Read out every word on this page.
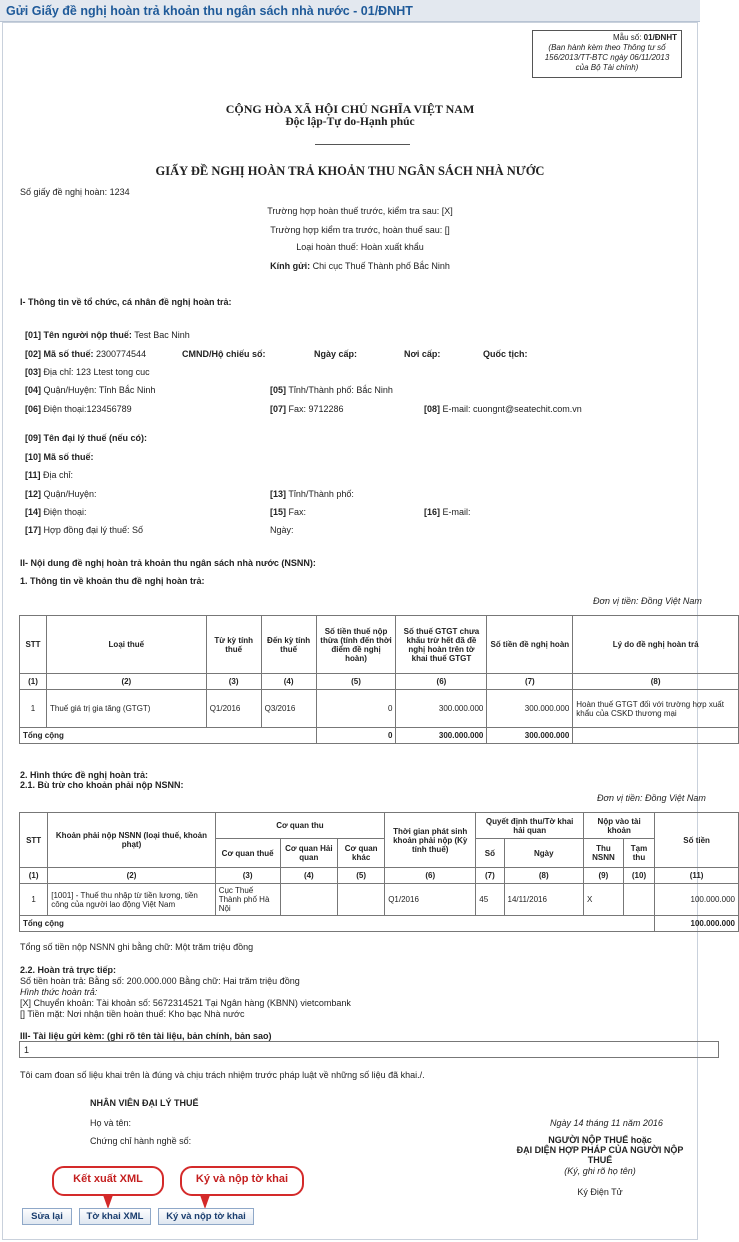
Gửi Giấy đề nghị hoàn trả khoản thu ngân sách nhà nước - 01/ĐNHT
Mẫu số: 01/ĐNHT
(Ban hành kèm theo Thông tư số
156/2013/TT-BTC ngày 06/11/2013
của Bộ Tài chính)
CỘNG HÒA XÃ HỘI CHỦ NGHĨA VIỆT NAM
Độc lập-Tự do-Hạnh phúc
GIẤY ĐỀ NGHỊ HOÀN TRẢ KHOẢN THU NGÂN SÁCH NHÀ NƯỚC
Số giấy đề nghị hoàn: 1234
Trường hợp hoàn thuế trước, kiểm tra sau: [X]
Trường hợp kiểm tra trước, hoàn thuế sau: []
Loại hoàn thuế: Hoàn xuất khẩu
Kính gửi: Chi cục Thuế Thành phố Bắc Ninh
I- Thông tin về tổ chức, cá nhân đề nghị hoàn trả:
[01] Tên người nộp thuế: Test Bac Ninh
[02] Mã số thuế: 2300774544	CMND/Hộ chiếu số:	Ngày cấp:	Nơi cấp:	Quốc tịch:
[03] Địa chỉ: 123 Ltest tong cuc
[04] Quận/Huyện: Tỉnh Bắc Ninh	[05] Tỉnh/Thành phố: Bắc Ninh
[06] Điện thoại:123456789	[07] Fax: 9712286	[08] E-mail: cuongnt@seatechit.com.vn
[09] Tên đại lý thuế (nếu có):
[10] Mã số thuế:
[11] Địa chỉ:
[12] Quận/Huyện:	[13] Tỉnh/Thành phố:
[14] Điện thoại:	[15] Fax:	[16] E-mail:
[17] Hợp đồng đại lý thuế: Số	Ngày:
II- Nội dung đề nghị hoàn trả khoản thu ngân sách nhà nước (NSNN):
1. Thông tin về khoản thu đề nghị hoàn trả:
Đơn vị tiền: Đồng Việt Nam
STT	Loại thuế	Từ kỳ tính thuế	Đến kỳ tính thuế	Số tiền thuế nộp thừa (tính đến thời điểm đề nghị hoàn)	Số thuế GTGT chưa khấu trừ hết đã đề nghị hoàn trên tờ khai thuế GTGT	Số tiền đề nghị hoàn	Lý do đề nghị hoàn trả
(1)	(2)	(3)	(4)	(5)	(6)	(7)	(8)
1	Thuế giá trị gia tăng (GTGT)	Q1/2016	Q3/2016	0	300.000.000	300.000.000	Hoàn thuế GTGT đối với trường hợp xuất khẩu của CSKD thương mại
Tổng cộng				0	300.000.000	300.000.000	
2. Hình thức đề nghị hoàn trả:
2.1. Bù trừ cho khoản phải nộp NSNN:
Đơn vị tiền: Đồng Việt Nam
STT	Khoản phải nộp NSNN (loại thuế, khoản phạt)	Cơ quan thu			Thời gian phát sinh khoản phải nộp (Kỳ tính thuế)	Quyết định thu/Tờ khai hải quan		Nộp vào tài khoản		Số tiền
		Cơ quan thuế	Cơ quan Hải quan	Cơ quan khác		Số	Ngày	Thu NSNN	Tạm thu	
(1)	(2)	(3)	(4)	(5)	(6)	(7)	(8)	(9)	(10)	(11)
1	[1001] - Thuế thu nhập từ tiền lương, tiền công của người lao động Việt Nam	Cục Thuế Thành phố Hà Nội			Q1/2016	45	14/11/2016	X		100.000.000
Tổng cộng										100.000.000
Tổng số tiền nộp NSNN ghi bằng chữ: Một trăm triệu đồng
2.2. Hoàn trả trực tiếp:
Số tiền hoàn trả: Bằng số: 200.000.000 Bằng chữ: Hai trăm triệu đồng
Hình thức hoàn trả:
[X] Chuyển khoản: Tài khoản số: 5672314521 Tại Ngân hàng (KBNN) vietcombank
[] Tiền mặt: Nơi nhận tiền hoàn thuế: Kho bạc Nhà nước
III- Tài liệu gửi kèm: (ghi rõ tên tài liệu, bản chính, bản sao)
1
Tôi cam đoan số liệu khai trên là đúng và chịu trách nhiệm trước pháp luật về những số liệu đã khai./.
NHÂN VIÊN ĐẠI LÝ THUẾ
Họ và tên:
Chứng chỉ hành nghề số:
Ngày 14 tháng 11 năm 2016
NGƯỜI NỘP THUẾ hoặc
ĐẠI DIỆN HỢP PHÁP CỦA NGƯỜI NỘP
THUẾ
(Ký, ghi rõ họ tên)
Ký Điện Tử
Kết xuất XML	Ký và nộp tờ khai
Sửa lại	Tờ khai XML	Ký và nộp tờ khai
